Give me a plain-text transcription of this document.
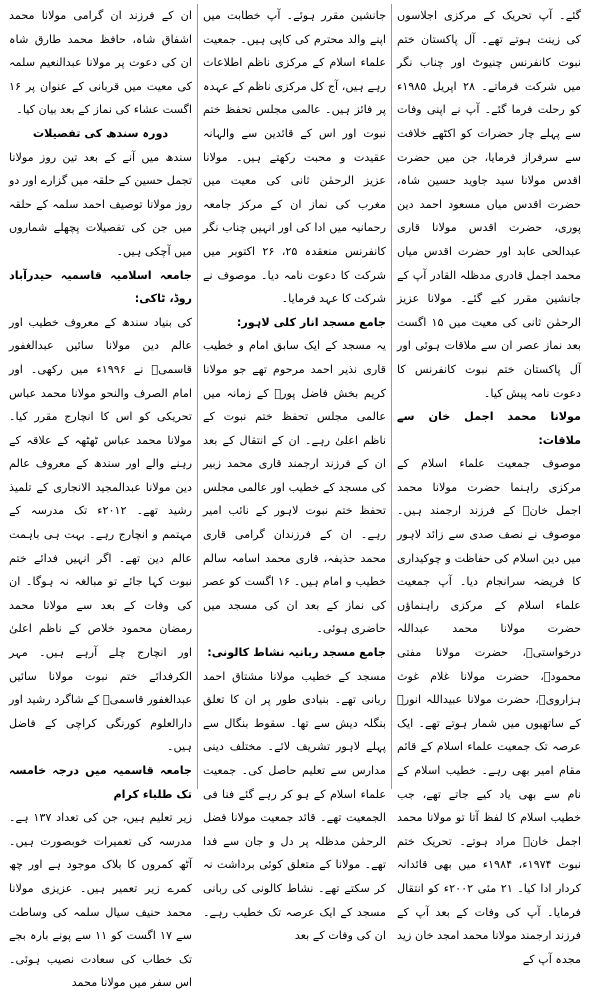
گئے۔ آپ تحریک کے مرکزی اجلاسوں کی زینت ہوتے تھے۔ آل پاکستان ختم نبوت کانفرنس چنیوٹ اور چناب نگر میں شرکت فرماتے۔ ۲۸ اپریل ۱۹۸۵ء کو رحلت فرما گئے۔ آپ نے اپنی وفات سے پہلے چار حضرات کو اکٹھے خلافت سے سرفراز فرمایا، جن میں حضرت اقدس مولانا سید جاوید حسین شاہ، حضرت اقدس میاں مسعود احمد دین پوری، حضرت اقدس مولانا قاری عبدالحی عابد اور حضرت اقدس میاں محمد اجمل قادری مدظلہ القادر آپ کے جانشین مقرر کیے گئے۔ مولانا عزیز الرحمٰن ثانی کی معیت میں ۱۵ اگست بعد نماز عصر ان سے ملاقات ہوئی اور آل پاکستان ختم نبوت کانفرنس کا دعوت نامہ پیش کیا۔

مولانا محمد اجمل خان سے ملاقات:

موصوف جمعیت علماء اسلام کے مرکزی راہنما حضرت مولانا محمد اجمل خانؒ کے فرزند ارجمند ہیں۔ موصوف نے نصف صدی سے زائد لاہور میں دین اسلام کی حفاظت و چوکیداری کا فریضہ سرانجام دیا۔ آپ جمعیت علماء اسلام کے مرکزی راہنماؤں حضرت مولانا محمد عبداللہ درخواستیؒ، حضرت مولانا مفتی محمودؒ، حضرت مولانا غلام غوث ہزارویؒ، حضرت مولانا عبیداللہ انورؒ کے ساتھیوں میں شمار ہوتے تھے۔ ایک عرصہ تک جمعیت علماء اسلام کے قائم مقام امیر بھی رہے۔ خطیب اسلام کے نام سے بھی یاد کیے جاتے تھے، جب خطیب اسلام کا لفظ آتا تو مولانا محمد اجمل خانؒ مراد ہوتے۔ تحریک ختم نبوت ۱۹۷۴ء، ۱۹۸۴ء میں بھی قائدانہ کردار ادا کیا۔ ۲۱ مئی ۲۰۰۲ء کو انتقال فرمایا۔ آپ کی وفات کے بعد آپ کے فرزند ارجمند مولانا محمد امجد خان زید مجدہ آپ کے

جانشین مقرر ہوئے۔ آپ خطابت میں اپنے والد محترم کی کاپی ہیں۔ جمعیت علماء اسلام کے مرکزی ناظم اطلاعات رہے ہیں، آج کل مرکزی ناظم کے عہدہ پر فائز ہیں۔ عالمی مجلس تحفظ ختم نبوت اور اس کے قائدین سے والہانہ عقیدت و محبت رکھتے ہیں۔ مولانا عزیز الرحمٰن ثانی کی معیت میں مغرب کی نماز ان کے مرکز جامعہ رحمانیہ میں ادا کی اور انہیں چناب نگر کانفرنس منعقدہ ۲۵، ۲۶ اکتوبر میں شرکت کا دعوت نامہ دیا۔ موصوف نے شرکت کا عہد فرمایا۔

جامع مسجد انار کلی لاہور:

یہ مسجد کے ایک سابق امام و خطیب قاری نذیر احمد مرحوم تھے جو مولانا کریم بخش فاضل پورؒ کے زمانہ میں عالمی مجلس تحفظ ختم نبوت کے ناظم اعلیٰ رہے۔ ان کے انتقال کے بعد ان کے فرزند ارجمند قاری محمد زبیر کی مسجد کے خطیب اور عالمی مجلس تحفظ ختم نبوت لاہور کے نائب امیر رہے۔ ان کے فرزندان گرامی قاری محمد حذیفہ، قاری محمد اسامہ سالم خطیب و امام ہیں۔ ۱۶ اگست کو عصر کی نماز کے بعد ان کی مسجد میں حاضری ہوئی۔

جامع مسجد ربانیہ نشاط کالونی:

مسجد کے خطیب مولانا مشتاق احمد ربانی تھے۔ بنیادی طور پر ان کا تعلق بنگلہ دیش سے تھا۔ سقوط بنگال سے پہلے لاہور تشریف لائے۔ مختلف دینی مدارس سے تعلیم حاصل کی۔ جمعیت علماء اسلام کے ہو کر رہے گئے فنا فی الجمعیت تھے۔ قائد جمعیت مولانا فضل الرحمٰن مدظلہ پر دل و جان سے فدا تھے۔ مولانا کے متعلق کوئی برداشت نہ کر سکتے تھے۔ نشاط کالونی کی ربانی مسجد کے ایک عرصہ تک خطیب رہے۔ ان کی وفات کے بعد

ان کے فرزند ان گرامی مولانا محمد اشفاق شاہ، حافظ محمد طارق شاہ ان کی دعوت پر مولانا عبدالنعیم سلمہ کی معیت میں قربانی کے عنوان پر ۱۶ اگست عشاء کی نماز کے بعد بیان کیا۔

دورہ سندھ کی تفصیلات

سندھ میں آنے کے بعد تین روز مولانا تجمل حسین کے حلقہ میں گزارے اور دو روز مولانا توصیف احمد سلمہ کے حلقہ میں جن کی تفصیلات پچھلے شماروں میں آچکی ہیں۔

جامعہ اسلامیہ قاسمیہ حیدرآباد روڈ، ٹاکی:

کی بنیاد سندھ کے معروف خطیب اور عالم دین مولانا سائیں عبدالغفور قاسمیؒ نے ۱۹۹۶ء میں رکھی۔ اور امام الصرف والنحو مولانا محمد عباس تحریکی کو اس کا انچارج مقرر کیا۔ مولانا محمد عباس ٹھٹھہ کے علاقہ کے رہنے والے اور سندھ کے معروف عالم دین مولانا عبدالمجید الانجاری کے تلمیذ رشید تھے۔ ۲۰۱۲ء تک مدرسہ کے مہتمم و انچارج رہے۔ بہت ہی باہمت عالم دین تھے۔ اگر انہیں فدائے ختم نبوت کہا جائے تو مبالغہ نہ ہوگا۔ ان کی وفات کے بعد سے مولانا محمد رمضان محمود خلاص کے ناظم اعلیٰ اور انچارج چلے آرہے ہیں۔ مہر الکرفدائے ختم نبوت مولانا سائیں عبدالغفور قاسمیؒ کے شاگرد رشید اور دارالعلوم کورنگی کراچی کے فاضل ہیں۔

جامعہ قاسمیہ میں درجہ خامسہ تک طلباء کرام

زیر تعلیم ہیں، جن کی تعداد ۱۳۷ ہے۔ مدرسہ کی تعمیرات خوبصورت ہیں۔ آٹھ کمروں کا بلاک موجود ہے اور چھ کمرے زیر تعمیر ہیں۔ عزیزی مولانا محمد حنیف سیال سلمہ کی وساطت سے ۱۷ اگست کو ۱۱ سے پونے بارہ بجے تک خطاب کی سعادت نصیب ہوئی۔ اس سفر میں مولانا محمد
